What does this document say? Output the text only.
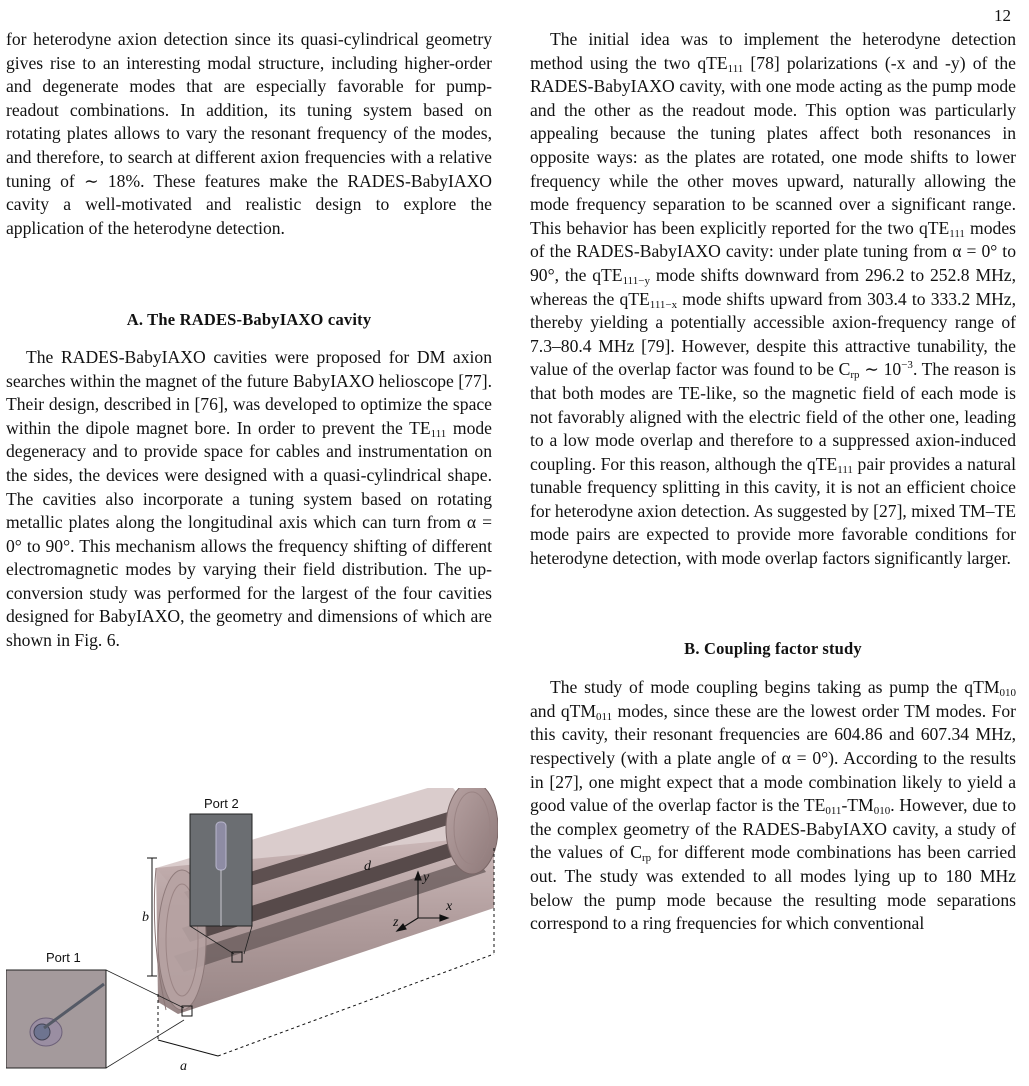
12

for heterodyne axion detection since its quasi-cylindrical geometry gives rise to an interesting modal structure, including higher-order and degenerate modes that are especially favorable for pump-readout combinations. In addition, its tuning system based on rotating plates allows to vary the resonant frequency of the modes, and therefore, to search at different axion frequencies with a relative tuning of ∼ 18%. These features make the RADES-BabyIAXO cavity a well-motivated and realistic design to explore the application of the heterodyne detection.

A. The RADES-BabyIAXO cavity

The RADES-BabyIAXO cavities were proposed for DM axion searches within the magnet of the future BabyIAXO helioscope [77]. Their design, described in [76], was developed to optimize the space within the dipole magnet bore. In order to prevent the $TE_{111}$ mode degeneracy and to provide space for cables and instrumentation on the sides, the devices were designed with a quasi-cylindrical shape. The cavities also incorporate a tuning system based on rotating metallic plates along the longitudinal axis which can turn from α = 0° to 90°. This mechanism allows the frequency shifting of different electromagnetic modes by varying their field distribution. The up-conversion study was performed for the largest of the four cavities designed for BabyIAXO, the geometry and dimensions of which are shown in Fig. 6.

b
a
d
y
x
z
Port 2
Port 1

The initial idea was to implement the heterodyne detection method using the two qTE$_{111}$ [78] polarizations (-x and -y) of the RADES-BabyIAXO cavity, with one mode acting as the pump mode and the other as the readout mode. This option was particularly appealing because the tuning plates affect both resonances in opposite ways: as the plates are rotated, one mode shifts to lower frequency while the other moves upward, naturally allowing the mode frequency separation to be scanned over a significant range. This behavior has been explicitly reported for the two qTE$_{111}$ modes of the RADES-BabyIAXO cavity: under plate tuning from α = 0° to 90°, the qTE$_{111-y}$ mode shifts downward from 296.2 to 252.8 MHz, whereas the qTE$_{111-x}$ mode shifts upward from 303.4 to 333.2 MHz, thereby yielding a potentially accessible axion-frequency range of 7.3–80.4 MHz [79]. However, despite this attractive tunability, the value of the overlap factor was found to be $C_{rp}$ ∼ $10^{-3}$. The reason is that both modes are TE-like, so the magnetic field of each mode is not favorably aligned with the electric field of the other one, leading to a low mode overlap and therefore to a suppressed axion-induced coupling. For this reason, although the qTE$_{111}$ pair provides a natural tunable frequency splitting in this cavity, it is not an efficient choice for heterodyne axion detection. As suggested by [27], mixed TM–TE mode pairs are expected to provide more favorable conditions for heterodyne detection, with mode overlap factors significantly larger.

B. Coupling factor study

The study of mode coupling begins taking as pump the qTM$_{010}$ and qTM$_{011}$ modes, since these are the lowest order TM modes. For this cavity, their resonant frequencies are 604.86 and 607.34 MHz, respectively (with a plate angle of α = 0°). According to the results in [27], one might expect that a mode combination likely to yield a good value of the overlap factor is the $TE_{011}-TM_{010}$. However, due to the complex geometry of the RADES-BabyIAXO cavity, a study of the values of $C_{rp}$ for different mode combinations has been carried out. The study was extended to all modes lying up to 180 MHz below the pump mode because the resulting mode separations correspond to a ring frequencies for which conventional
